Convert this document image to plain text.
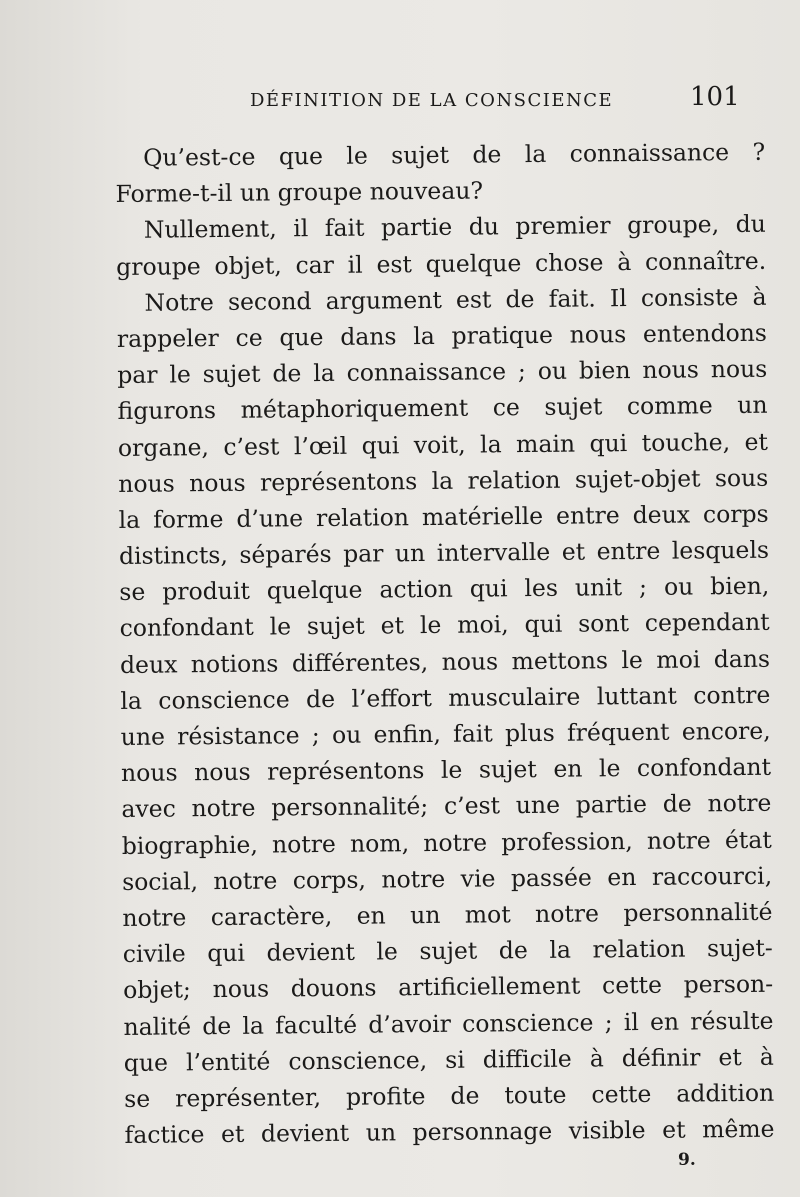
DÉFINITION DE LA CONSCIENCE	101
Qu’est-ce que le sujet de la connaissance ?
Forme-t-il un groupe nouveau?
Nullement, il fait partie du premier groupe, du
groupe objet, car il est quelque chose à connaître.
Notre second argument est de fait. Il consiste à
rappeler ce que dans la pratique nous entendons
par le sujet de la connaissance ; ou bien nous nous
figurons métaphoriquement ce sujet comme un
organe, c’est l’œil qui voit, la main qui touche, et
nous nous représentons la relation sujet-objet sous
la forme d’une relation matérielle entre deux corps
distincts, séparés par un intervalle et entre lesquels
se produit quelque action qui les unit ; ou bien,
confondant le sujet et le moi, qui sont cependant
deux notions différentes, nous mettons le moi dans
la conscience de l’effort musculaire luttant contre
une résistance ; ou enfin, fait plus fréquent encore,
nous nous représentons le sujet en le confondant
avec notre personnalité; c’est une partie de notre
biographie, notre nom, notre profession, notre état
social, notre corps, notre vie passée en raccourci,
notre caractère, en un mot notre personnalité
civile qui devient le sujet de la relation sujet-
objet; nous douons artificiellement cette person-
nalité de la faculté d’avoir conscience ; il en résulte
que l’entité conscience, si difficile à définir et à
se représenter, profite de toute cette addition
factice et devient un personnage visible et même
9.
